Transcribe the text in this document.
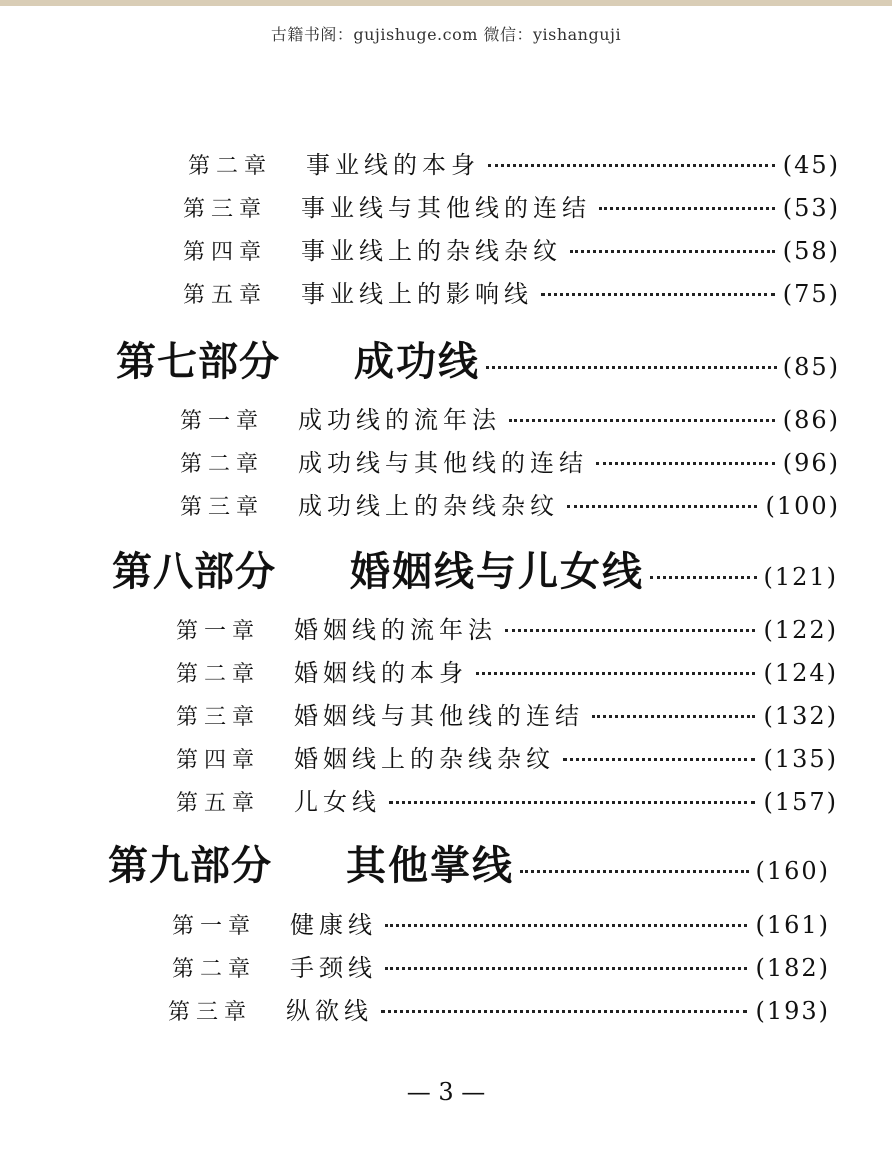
古籍书阁：gujishuge.com 微信：yishanguji
第二章	事业线的本身	(45)
第三章	事业线与其他线的连结	(53)
第四章	事业线上的杂线杂纹	(58)
第五章	事业线上的影响线	(75)
第七部分	成功线	(85)
第一章	成功线的流年法	(86)
第二章	成功线与其他线的连结	(96)
第三章	成功线上的杂线杂纹	(100)
第八部分	婚姻线与儿女线	(121)
第一章	婚姻线的流年法	(122)
第二章	婚姻线的本身	(124)
第三章	婚姻线与其他线的连结	(132)
第四章	婚姻线上的杂线杂纹	(135)
第五章	儿女线	(157)
第九部分	其他掌线	(160)
第一章	健康线	(161)
第二章	手颈线	(182)
第三章	纵欲线	(193)
— 3 —
